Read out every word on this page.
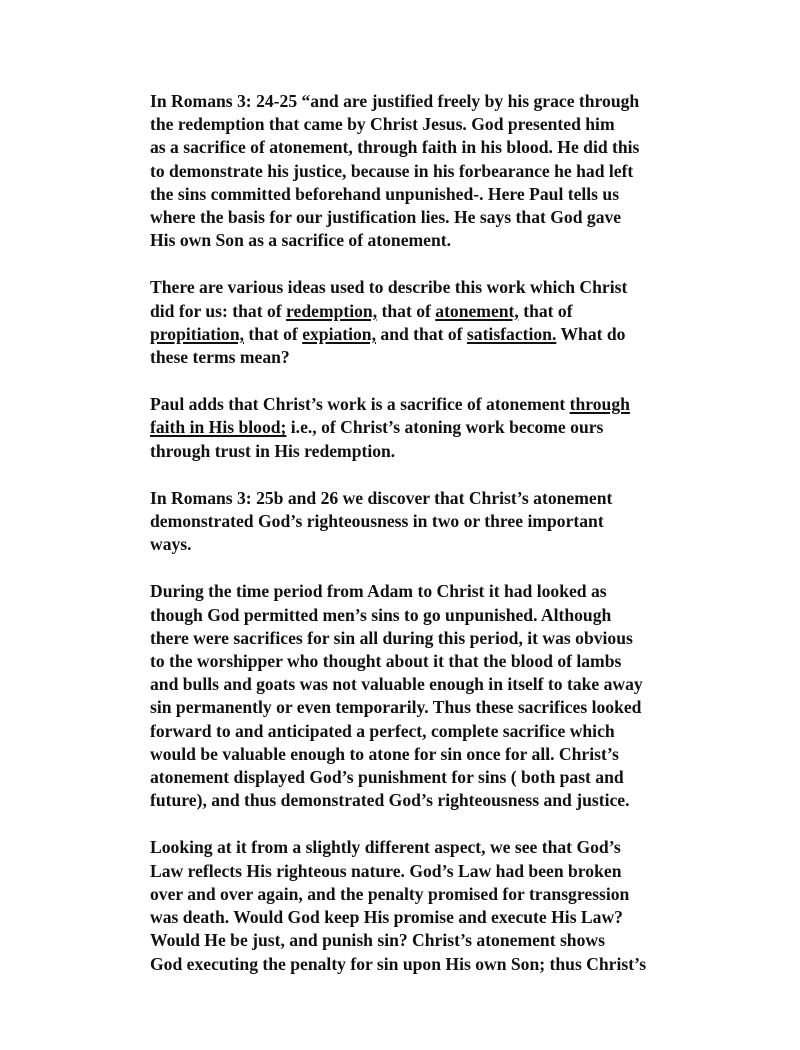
In Romans 3: 24-25 “and are justified freely by his grace through
the redemption that came by Christ Jesus. God presented him
as a sacrifice of atonement, through faith in his blood. He did this
to demonstrate his justice, because in his forbearance he had left
the sins committed beforehand unpunished-. Here Paul tells us
where the basis for our justification lies. He says that God gave
His own Son as a sacrifice of atonement.

There are various ideas used to describe this work which Christ
did for us: that of redemption, that of atonement, that of
propitiation, that of expiation, and that of satisfaction. What do
these terms mean?

Paul adds that Christ’s work is a sacrifice of atonement through
faith in His blood; i.e., of Christ’s atoning work become ours
through trust in His redemption.

In Romans 3: 25b and 26 we discover that Christ’s atonement
demonstrated God’s righteousness in two or three important
ways.

During the time period from Adam to Christ it had looked as
though God permitted men’s sins to go unpunished. Although
there were sacrifices for sin all during this period, it was obvious
to the worshipper who thought about it that the blood of lambs
and bulls and goats was not valuable enough in itself to take away
sin permanently or even temporarily. Thus these sacrifices looked
forward to and anticipated a perfect, complete sacrifice which
would be valuable enough to atone for sin once for all. Christ’s
atonement displayed God’s punishment for sins ( both past and
future), and thus demonstrated God’s righteousness and justice.

Looking at it from a slightly different aspect, we see that God’s
Law reflects His righteous nature. God’s Law had been broken
over and over again, and the penalty promised for transgression
was death. Would God keep His promise and execute His Law?
Would He be just, and punish sin? Christ’s atonement shows
God executing the penalty for sin upon His own Son; thus Christ’s
